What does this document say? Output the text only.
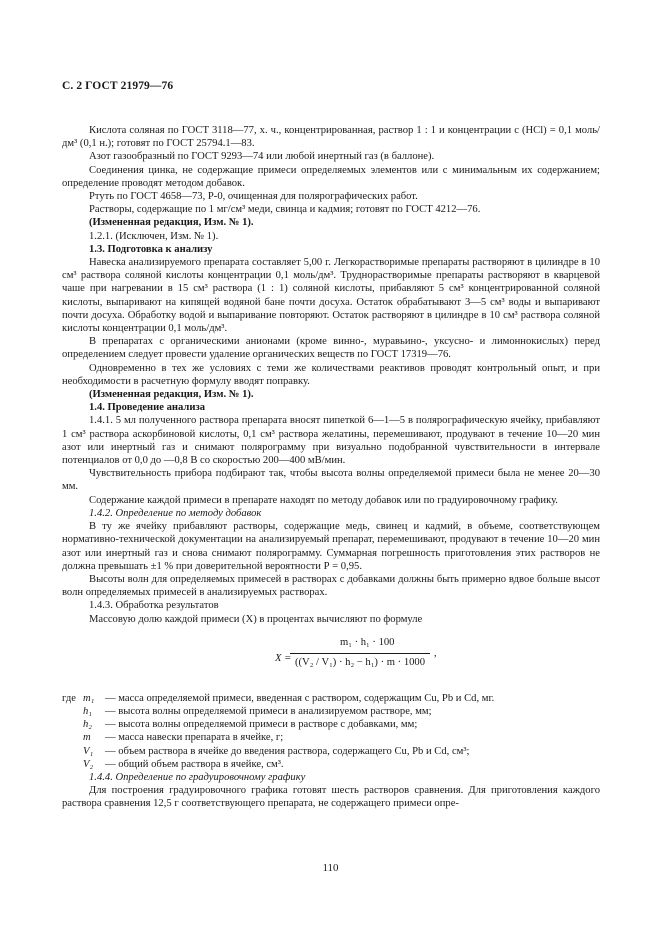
С. 2 ГОСТ 21979—76

Кислота соляная по ГОСТ 3118—77, х. ч., концентрированная, раствор 1 : 1 и концентрации с (HCl) = 0,1 моль/дм³ (0,1 н.); готовят по ГОСТ 25794.1—83.

Азот газообразный по ГОСТ 9293—74 или любой инертный газ (в баллоне).

Соединения цинка, не содержащие примеси определяемых элементов или с минимальным их содержанием; определение проводят методом добавок.

Ртуть по ГОСТ 4658—73, Р-0, очищенная для полярографических работ.

Растворы, содержащие по 1 мг/см³ меди, свинца и кадмия; готовят по ГОСТ 4212—76.

(Измененная редакция, Изм. № 1).

1.2.1. (Исключен, Изм. № 1).

1.3. Подготовка к анализу

Навеска анализируемого препарата составляет 5,00 г. Легкорастворимые препараты растворяют в цилиндре в 10 см³ раствора соляной кислоты концентрации 0,1 моль/дм³. Труднорастворимые препараты растворяют в кварцевой чаше при нагревании в 15 см³ раствора (1 : 1) соляной кислоты, прибавляют 5 см³ концентрированной соляной кислоты, выпаривают на кипящей водяной бане почти досуха. Остаток обрабатывают 3—5 см³ воды и выпаривают почти досуха. Обработку водой и выпаривание повторяют. Остаток растворяют в цилиндре в 10 см³ раствора соляной кислоты концентрации 0,1 моль/дм³.

В препаратах с органическими анионами (кроме винно-, муравьино-, уксусно- и лимоннокислых) перед определением следует провести удаление органических веществ по ГОСТ 17319—76.

Одновременно в тех же условиях с теми же количествами реактивов проводят контрольный опыт, и при необходимости в расчетную формулу вводят поправку.

(Измененная редакция, Изм. № 1).

1.4. Проведение анализа

1.4.1. 5 мл полученного раствора препарата вносят пипеткой 6—1—5 в полярографическую ячейку, прибавляют 1 см³ раствора аскорбиновой кислоты, 0,1 см³ раствора желатины, перемешивают, продувают в течение 10—20 мин азот или инертный газ и снимают полярограмму при визуально подобранной чувствительности в интервале потенциалов от 0,0 до —0,8 В со скоростью 200—400 мВ/мин.

Чувствительность прибора подбирают так, чтобы высота волны определяемой примеси была не менее 20—30 мм.

Содержание каждой примеси в препарате находят по методу добавок или по градуировочному графику.

1.4.2. Определение по методу добавок

В ту же ячейку прибавляют растворы, содержащие медь, свинец и кадмий, в объеме, соответствующем нормативно-технической документации на анализируемый препарат, перемешивают, продувают в течение 10—20 мин азот или инертный газ и снова снимают полярограмму. Суммарная погрешность приготовления этих растворов не должна превышать ±1 % при доверительной вероятности Р = 0,95.

Высоты волн для определяемых примесей в растворах с добавками должны быть примерно вдвое больше высот волн определяемых примесей в анализируемых растворах.

1.4.3. Обработка результатов

Массовую долю каждой примеси (X) в процентах вычисляют по формуле

X =
m₁ · h₁ · 100
((V₂ / V₁) · h₂ − h₁) · m · 1000
,
где m₁	— масса определяемой примеси, введенная с раствором, содержащим Cu, Pb и Cd, мг.
h₁	— высота волны определяемой примеси в анализируемом растворе, мм;
h₂	— высота волны определяемой примеси в растворе с добавками, мм;
m	— масса навески препарата в ячейке, г;
V₁	— объем раствора в ячейке до введения раствора, содержащего Cu, Pb и Cd, см³;
V₂	— общий объем раствора в ячейке, см³.

1.4.4. Определение по градуировочному графику

Для построения градуировочного графика готовят шесть растворов сравнения. Для приготовления каждого раствора сравнения 12,5 г соответствующего препарата, не содержащего примеси опре-

110
